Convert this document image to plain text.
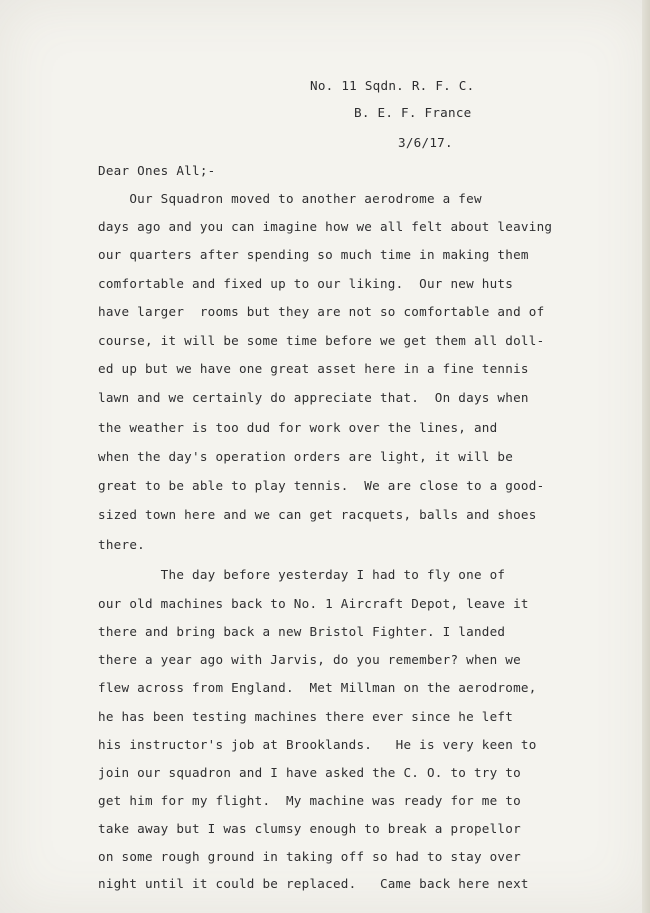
No. 11 Sqdn. R. F. C.
B. E. F. France
3/6/17.
Dear Ones All;-
Our Squadron moved to another aerodrome a few
days ago and you can imagine how we all felt about leaving
our quarters after spending so much time in making them
comfortable and fixed up to our liking.  Our new huts
have larger  rooms but they are not so comfortable and of
course, it will be some time before we get them all doll-
ed up but we have one great asset here in a fine tennis
lawn and we certainly do appreciate that.  On days when
the weather is too dud for work over the lines, and
when the day's operation orders are light, it will be
great to be able to play tennis.  We are close to a good-
sized town here and we can get racquets, balls and shoes
there.
The day before yesterday I had to fly one of
our old machines back to No. 1 Aircraft Depot, leave it
there and bring back a new Bristol Fighter. I landed
there a year ago with Jarvis, do you remember? when we
flew across from England.  Met Millman on the aerodrome,
he has been testing machines there ever since he left
his instructor's job at Brooklands.   He is very keen to
join our squadron and I have asked the C. O. to try to
get him for my flight.  My machine was ready for me to
take away but I was clumsy enough to break a propellor
on some rough ground in taking off so had to stay over
night until it could be replaced.   Came back here next
